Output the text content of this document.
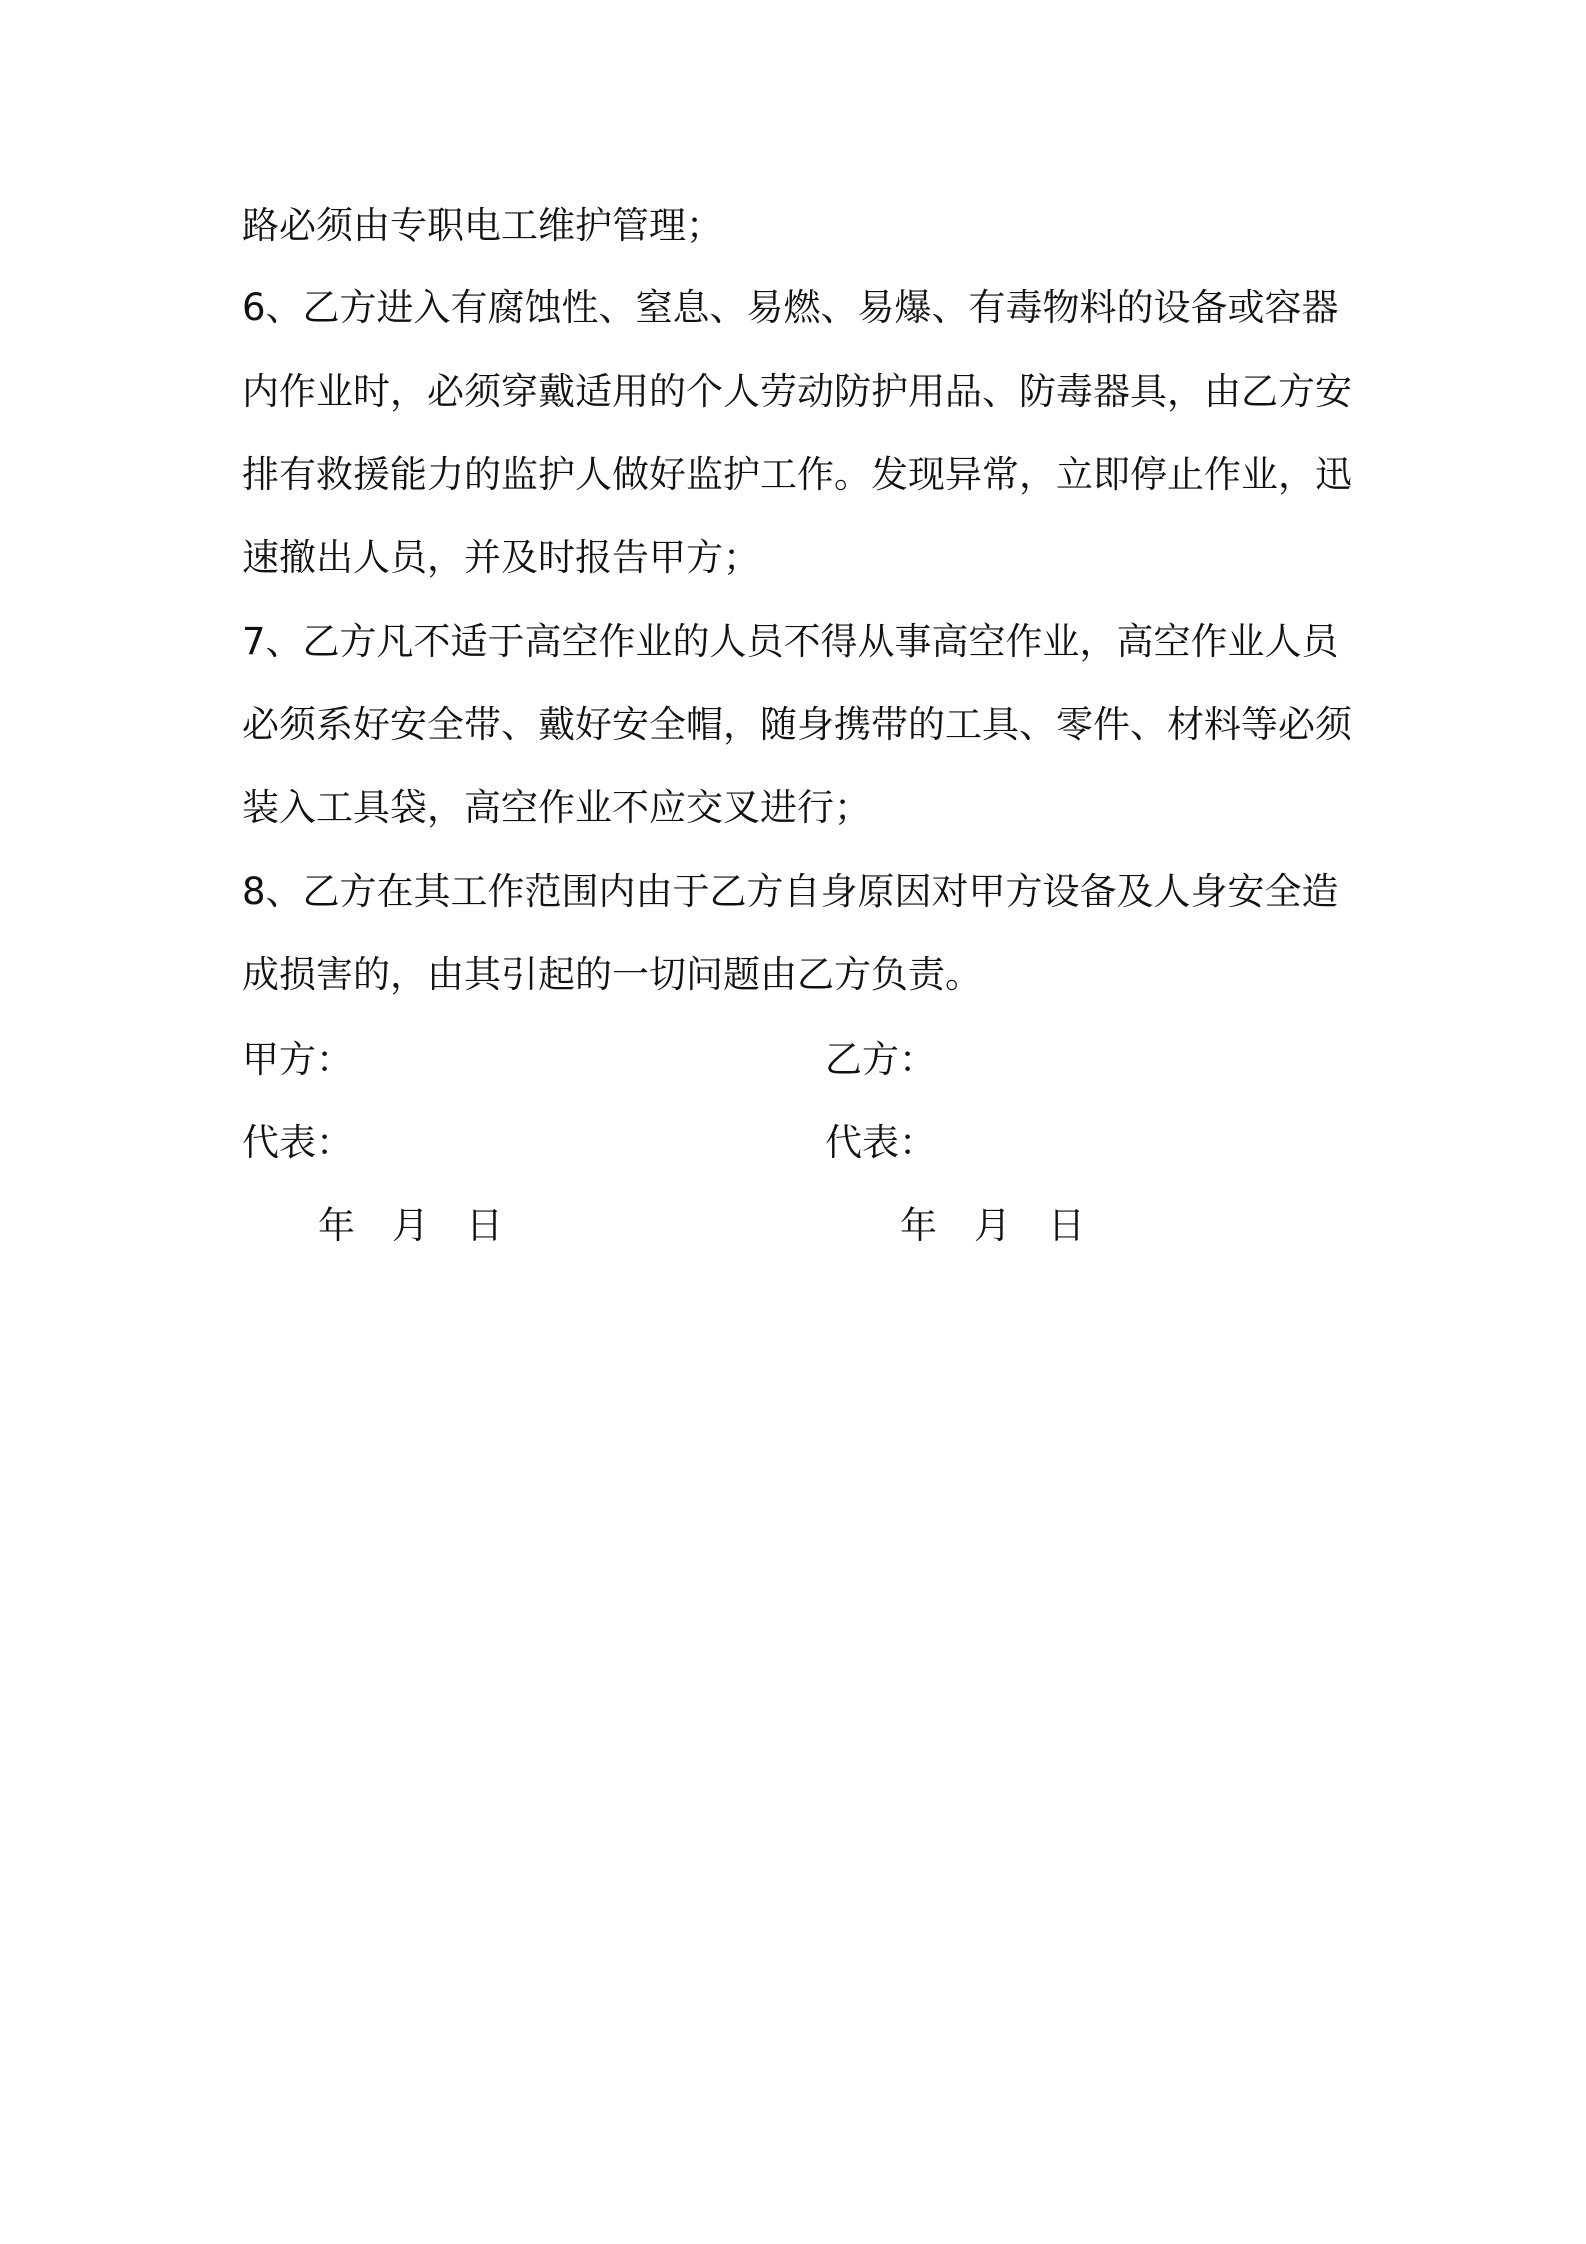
路必须由专职电工维护管理；
6、乙方进入有腐蚀性、窒息、易燃、易爆、有毒物料的设备或容器
内作业时，必须穿戴适用的个人劳动防护用品、防毒器具，由乙方安
排有救援能力的监护人做好监护工作。发现异常，立即停止作业，迅
速撤出人员，并及时报告甲方；
7、乙方凡不适于高空作业的人员不得从事高空作业，高空作业人员
必须系好安全带、戴好安全帽，随身携带的工具、零件、材料等必须
装入工具袋，高空作业不应交叉进行；
8、乙方在其工作范围内由于乙方自身原因对甲方设备及人身安全造
成损害的，由其引起的一切问题由乙方负责。
甲方：	乙方：
代表：	代表：
年 月 日	年 月 日
